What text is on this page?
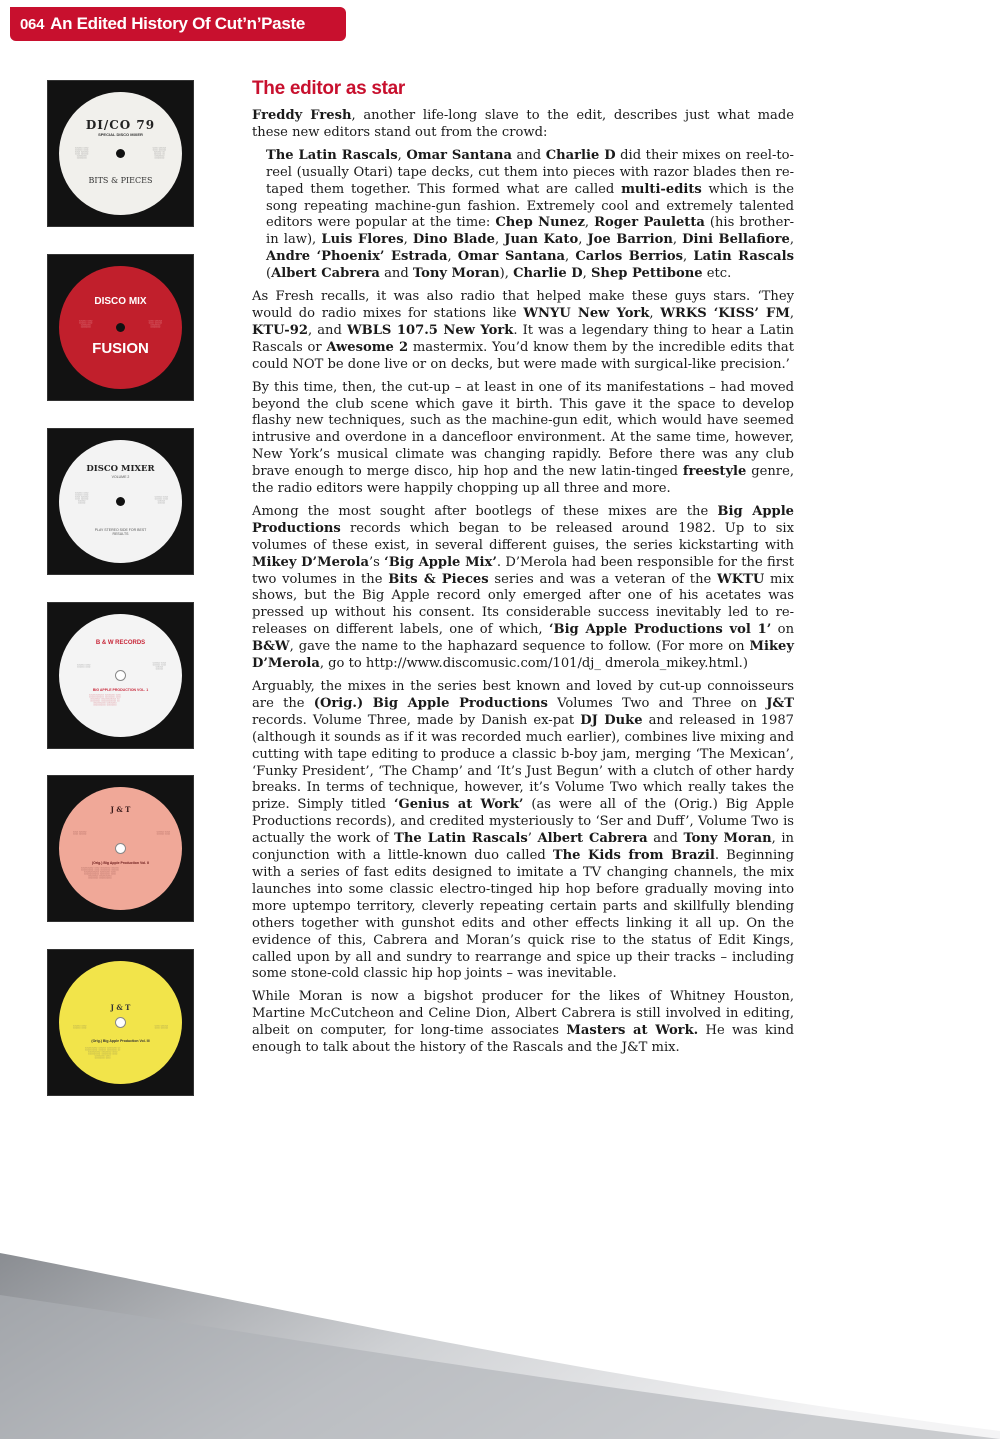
064 An Edited History Of Cut’n’Paste
DI/CO 79
SPECIAL DISCO MIXER
░░░ ░░
░░ ░░░
░░░░
░░ ░░░
░░░ ░
░░░░
BITS & PIECES
DISCO MIX
░░░ ░░
░░░░
░░ ░░░
░░░░
FUSION
DISCO MIXER
VOLUME 2
░░░ ░░
░░ ░░░
░░░
░░░ ░░
░░░
PLAY STEREO SIDE FOR BEST RESULTS
B & W RECORDS
░░░ ░░	░░░ ░░
░░░
BIG APPLE PRODUCTION VOL. 1
░░░░░░ ░░░░ ░░
░░░░ ░░░░░░ ░
░░░░░ ░░░░
J & T
░░ ░░░	░░░ ░░
(Orig.) Big Apple Production Vol. II
░░░░░ ░░ ░░░░ ░░░
░░░░░░ ░░░░ ░░
░░░░ ░░░░░
J & T
░░░ ░░	░░ ░░░
(Orig.) Big Apple Production Vol. III
░░░░░ ░░░ ░░░░ ░
░░░░░ ░░░░ ░░
░░░░ ░░
The editor as star

Freddy Fresh, another life-long slave to the edit, describes just what made these new editors stand out from the crowd:

The Latin Rascals, Omar Santana and Charlie D did their mixes on reel-to-reel (usually Otari) tape decks, cut them into pieces with razor blades then re-taped them together. This formed what are called multi-edits which is the song repeating machine-gun fashion. Extremely cool and extremely talented editors were popular at the time: Chep Nunez, Roger Pauletta (his brother-in law), Luis Flores, Dino Blade, Juan Kato, Joe Barrion, Dini Bellafiore, Andre ‘Phoenix’ Estrada, Omar Santana, Carlos Berrios, Latin Rascals (Albert Cabrera and Tony Moran), Charlie D, Shep Pettibone etc.

As Fresh recalls, it was also radio that helped make these guys stars. ‘They would do radio mixes for stations like WNYU New York, WRKS ‘KISS’ FM, KTU-92, and WBLS 107.5 New York. It was a legendary thing to hear a Latin Rascals or Awesome 2 mastermix. You’d know them by the incredible edits that could NOT be done live or on decks, but were made with surgical-like precision.’

By this time, then, the cut-up – at least in one of its manifestations – had moved beyond the club scene which gave it birth. This gave it the space to develop flashy new techniques, such as the machine-gun edit, which would have seemed intrusive and overdone in a dancefloor environment. At the same time, however, New York’s musical climate was changing rapidly. Before there was any club brave enough to merge disco, hip hop and the new latin-tinged freestyle genre, the radio editors were happily chopping up all three and more.

Among the most sought after bootlegs of these mixes are the Big Apple Productions records which began to be released around 1982. Up to six volumes of these exist, in several different guises, the series kickstarting with Mikey D’Merola’s ‘Big Apple Mix’. D’Merola had been responsible for the first two volumes in the Bits & Pieces series and was a veteran of the WKTU mix shows, but the Big Apple record only emerged after one of his acetates was pressed up without his consent. Its considerable success inevitably led to re-releases on different labels, one of which, ‘Big Apple Productions vol 1’ on B&W, gave the name to the haphazard sequence to follow. (For more on Mikey D’Merola, go to http://www.discomusic.com/101/dj_ dmerola_mikey.html.)

Arguably, the mixes in the series best known and loved by cut-up connoisseurs are the (Orig.) Big Apple Productions Volumes Two and Three on J&T records. Volume Three, made by Danish ex-pat DJ Duke and released in 1987 (although it sounds as if it was recorded much earlier), combines live mixing and cutting with tape editing to produce a classic b-boy jam, merging ‘The Mexican’, ‘Funky President’, ‘The Champ’ and ‘It’s Just Begun’ with a clutch of other hardy breaks. In terms of technique, however, it’s Volume Two which really takes the prize. Simply titled ‘Genius at Work’ (as were all of the (Orig.) Big Apple Productions records), and credited mysteriously to ‘Ser and Duff’, Volume Two is actually the work of The Latin Rascals’ Albert Cabrera and Tony Moran, in conjunction with a little-known duo called The Kids from Brazil. Beginning with a series of fast edits designed to imitate a TV changing channels, the mix launches into some classic electro-tinged hip hop before gradually moving into more uptempo territory, cleverly repeating certain parts and skillfully blending others together with gunshot edits and other effects linking it all up. On the evidence of this, Cabrera and Moran’s quick rise to the status of Edit Kings, called upon by all and sundry to rearrange and spice up their tracks – including some stone-cold classic hip hop joints – was inevitable.

While Moran is now a bigshot producer for the likes of Whitney Houston, Martine McCutcheon and Celine Dion, Albert Cabrera is still involved in editing, albeit on computer, for long-time associates Masters at Work. He was kind enough to talk about the history of the Rascals and the J&T mix.
